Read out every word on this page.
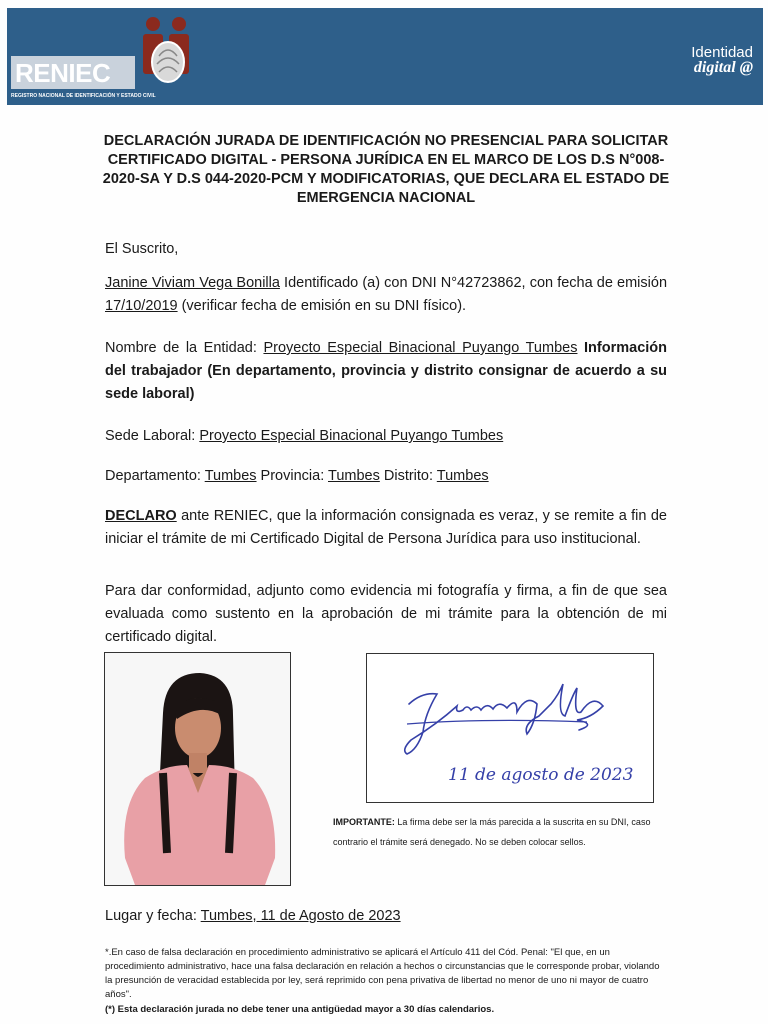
RENIEC
REGISTRO NACIONAL DE IDENTIFICACIÓN Y ESTADO CIVIL
Identidad
digital @
DECLARACIÓN JURADA DE IDENTIFICACIÓN NO PRESENCIAL PARA SOLICITAR CERTIFICADO DIGITAL - PERSONA JURÍDICA EN EL MARCO DE LOS D.S N°008-2020-SA Y D.S 044-2020-PCM Y MODIFICATORIAS, QUE DECLARA EL ESTADO DE EMERGENCIA NACIONAL
El Suscrito,
Janine Viviam Vega Bonilla Identificado (a) con DNI N°42723862, con fecha de emisión 17/10/2019 (verificar fecha de emisión en su DNI físico).
Nombre de la Entidad: Proyecto Especial Binacional Puyango Tumbes Información del trabajador (En departamento, provincia y distrito consignar de acuerdo a su sede laboral)
Sede Laboral: Proyecto Especial Binacional Puyango Tumbes
Departamento: Tumbes Provincia: Tumbes Distrito: Tumbes
DECLARO ante RENIEC, que la información consignada es veraz, y se remite a fin de iniciar el trámite de mi Certificado Digital de Persona Jurídica para uso institucional.
Para dar conformidad, adjunto como evidencia mi fotografía y firma, a fin de que sea evaluada como sustento en la aprobación de mi trámite para la obtención de mi certificado digital.
11 de agosto de 2023
IMPORTANTE: La firma debe ser la más parecida a la suscrita en su DNI, caso contrario el trámite será denegado. No se deben colocar sellos.
Lugar y fecha: Tumbes, 11 de Agosto de 2023
*.En caso de falsa declaración en procedimiento administrativo se aplicará el Artículo 411 del Cód. Penal: "El que, en un procedimiento administrativo, hace una falsa declaración en relación a hechos o circunstancias que le corresponde probar, violando la presunción de veracidad establecida por ley, será reprimido con pena privativa de libertad no menor de uno ni mayor de cuatro años".
(*) Esta declaración jurada no debe tener una antigüedad mayor a 30 días calendarios.
